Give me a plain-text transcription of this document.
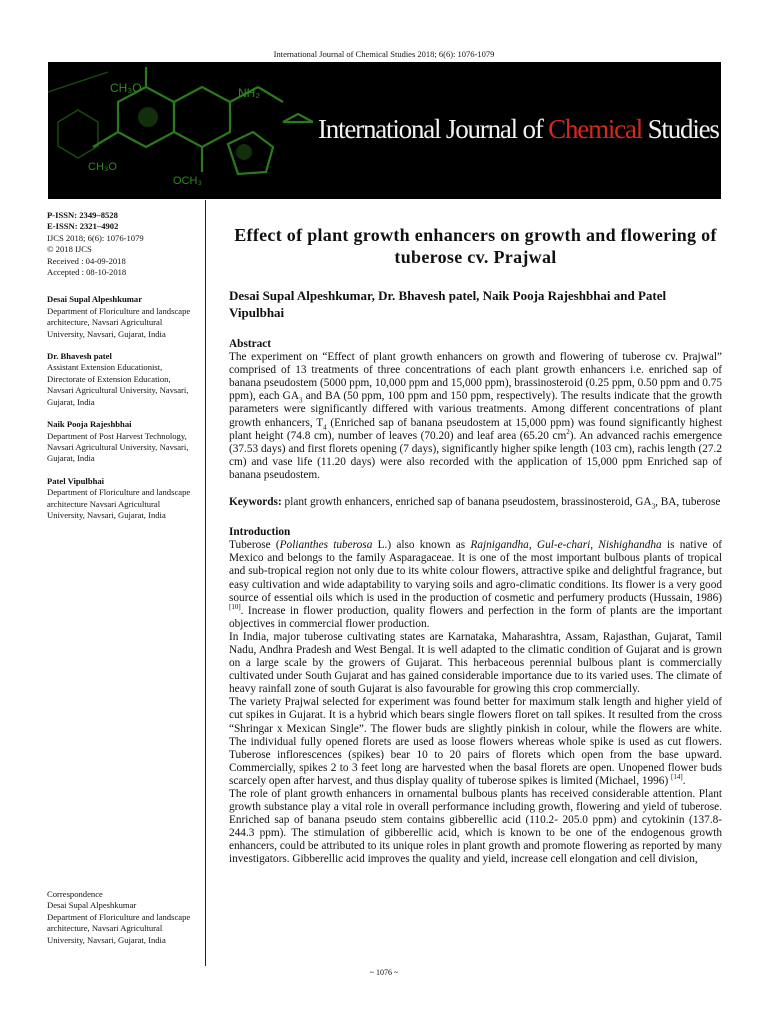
International Journal of Chemical Studies 2018; 6(6): 1076-1079
CH₃O	NH₂
CH₃O
OCH₃
International Journal of Chemical Studies
P-ISSN: 2349–8528
E-ISSN: 2321–4902
IJCS 2018; 6(6): 1076-1079
© 2018 IJCS
Received : 04-09-2018
Accepted : 08-10-2018
Desai Supal Alpeshkumar
Department of Floriculture and landscape architecture, Navsari Agricultural University, Navsari, Gujarat, India
Dr. Bhavesh patel
Assistant Extension Educationist, Directorate of Extension Education, Navsari Agricultural University, Navsari, Gujarat, India
Naik Pooja Rajeshbhai
Department of Post Harvest Technology, Navsari Agricultural University, Navsari, Gujarat, India
Patel Vipulbhai
Department of Floriculture and landscape architecture Navsari Agricultural University, Navsari, Gujarat, India
Correspondence
Desai Supal Alpeshkumar
Department of Floriculture and landscape architecture, Navsari Agricultural University, Navsari, Gujarat, India
Effect of plant growth enhancers on growth and flowering of tuberose cv. Prajwal
Desai Supal Alpeshkumar, Dr. Bhavesh patel, Naik Pooja Rajeshbhai and Patel Vipulbhai
Abstract

The experiment on “Effect of plant growth enhancers on growth and flowering of tuberose cv. Prajwal” comprised of 13 treatments of three concentrations of each plant growth enhancers i.e. enriched sap of banana pseudostem (5000 ppm, 10,000 ppm and 15,000 ppm), brassinosteroid (0.25 ppm, 0.50 ppm and 0.75 ppm), each $GA_3$ and BA (50 ppm, 100 ppm and 150 ppm, respectively). The results indicate that the growth parameters were significantly differed with various treatments. Among different concentrations of plant growth enhancers, $T_4$ (Enriched sap of banana pseudostem at 15,000 ppm) was found significantly highest plant height (74.8 cm), number of leaves (70.20) and leaf area (65.20 $cm^2$). An advanced rachis emergence (37.53 days) and first florets opening (7 days), significantly higher spike length (103 cm), rachis length (27.2 cm) and vase life (11.20 days) were also recorded with the application of 15,000 ppm Enriched sap of banana pseudostem.

Keywords: plant growth enhancers, enriched sap of banana pseudostem, brassinosteroid, $GA_3$, BA, tuberose

Introduction

Tuberose (Polianthes tuberosa L.) also known as Rajnigandha, Gul-e-chari, Nishighandha is native of Mexico and belongs to the family Asparagaceae. It is one of the most important bulbous plants of tropical and sub-tropical region not only due to its white colour flowers, attractive spike and delightful fragrance, but easy cultivation and wide adaptability to varying soils and agro-climatic conditions. Its flower is a very good source of essential oils which is used in the production of cosmetic and perfumery products (Hussain, 1986) [10]. Increase in flower production, quality flowers and perfection in the form of plants are the important objectives in commercial flower production.

In India, major tuberose cultivating states are Karnataka, Maharashtra, Assam, Rajasthan, Gujarat, Tamil Nadu, Andhra Pradesh and West Bengal. It is well adapted to the climatic condition of Gujarat and is grown on a large scale by the growers of Gujarat. This herbaceous perennial bulbous plant is commercially cultivated under South Gujarat and has gained considerable importance due to its varied uses. The climate of heavy rainfall zone of south Gujarat is also favourable for growing this crop commercially.

The variety Prajwal selected for experiment was found better for maximum stalk length and higher yield of cut spikes in Gujarat. It is a hybrid which bears single flowers floret on tall spikes. It resulted from the cross “Shringar x Mexican Single”. The flower buds are slightly pinkish in colour, while the flowers are white. The individual fully opened florets are used as loose flowers whereas whole spike is used as cut flowers. Tuberose inflorescences (spikes) bear 10 to 20 pairs of florets which open from the base upward. Commercially, spikes 2 to 3 feet long are harvested when the basal florets are open. Unopened flower buds scarcely open after harvest, and thus display quality of tuberose spikes is limited (Michael, 1996) [14].

The role of plant growth enhancers in ornamental bulbous plants has received considerable attention. Plant growth substance play a vital role in overall performance including growth, flowering and yield of tuberose. Enriched sap of banana pseudo stem contains gibberellic acid (110.2- 205.0 ppm) and cytokinin (137.8-244.3 ppm). The stimulation of gibberellic acid, which is known to be one of the endogenous growth enhancers, could be attributed to its unique roles in plant growth and promote flowering as reported by many investigators. Gibberellic acid improves the quality and yield, increase cell elongation and cell division,

~ 1076 ~
